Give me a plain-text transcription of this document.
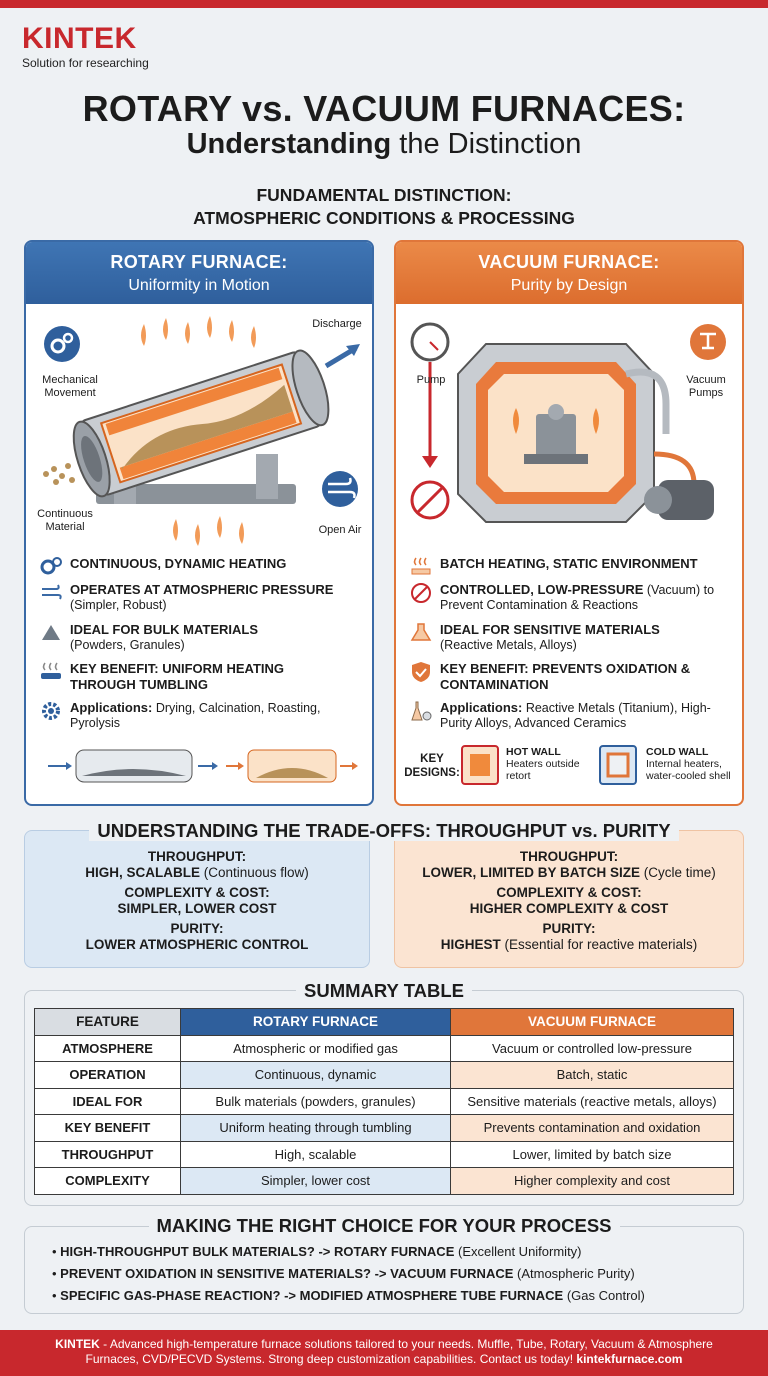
KINTEK
Solution for researching
ROTARY vs. VACUUM FURNACES:
Understanding the Distinction
FUNDAMENTAL DISTINCTION:
ATMOSPHERIC CONDITIONS & PROCESSING
ROTARY FURNACE:
Uniformity in Motion
Mechanical Movement
Discharge
Continuous Material	Open Air
CONTINUOUS, DYNAMIC HEATING
OPERATES AT ATMOSPHERIC PRESSURE
(Simpler, Robust)
IDEAL FOR BULK MATERIALS
(Powders, Granules)
KEY BENEFIT: UNIFORM HEATING THROUGH TUMBLING
Applications: Drying, Calcination, Roasting, Pyrolysis
VACUUM FURNACE:
Purity by Design
Pump	Vacuum Pumps
BATCH HEATING, STATIC ENVIRONMENT
CONTROLLED, LOW-PRESSURE (Vacuum) to Prevent Contamination & Reactions
IDEAL FOR SENSITIVE MATERIALS
(Reactive Metals, Alloys)
KEY BENEFIT: PREVENTS OXIDATION & CONTAMINATION
Applications: Reactive Metals (Titanium), High-Purity Alloys, Advanced Ceramics
KEY DESIGNS:
HOT WALL
Heaters outside retort
COLD WALL
Internal heaters, water-cooled shell
THROUGHPUT:
HIGH, SCALABLE (Continuous flow)
COMPLEXITY & COST:
SIMPLER, LOWER COST
PURITY:
LOWER ATMOSPHERIC CONTROL
THROUGHPUT:
LOWER, LIMITED BY BATCH SIZE (Cycle time)
COMPLEXITY & COST:
HIGHER COMPLEXITY & COST
PURITY:
HIGHEST (Essential for reactive materials)
UNDERSTANDING THE TRADE-OFFS: THROUGHPUT vs. PURITY
SUMMARY TABLE
FEATURE	ROTARY FURNACE	VACUUM FURNACE
ATMOSPHERE	Atmospheric or modified gas	Vacuum or controlled low-pressure
OPERATION	Continuous, dynamic	Batch, static
IDEAL FOR	Bulk materials (powders, granules)	Sensitive materials (reactive metals, alloys)
KEY BENEFIT	Uniform heating through tumbling	Prevents contamination and oxidation
THROUGHPUT	High, scalable	Lower, limited by batch size
COMPLEXITY	Simpler, lower cost	Higher complexity and cost
MAKING THE RIGHT CHOICE FOR YOUR PROCESS
• HIGH-THROUGHPUT BULK MATERIALS? -> ROTARY FURNACE (Excellent Uniformity)
• PREVENT OXIDATION IN SENSITIVE MATERIALS? -> VACUUM FURNACE (Atmospheric Purity)
• SPECIFIC GAS-PHASE REACTION? -> MODIFIED ATMOSPHERE TUBE FURNACE (Gas Control)
KINTEK - Advanced high-temperature furnace solutions tailored to your needs. Muffle, Tube, Rotary, Vacuum & Atmosphere
Furnaces, CVD/PECVD Systems. Strong deep customization capabilities. Contact us today! kintekfurnace.com
